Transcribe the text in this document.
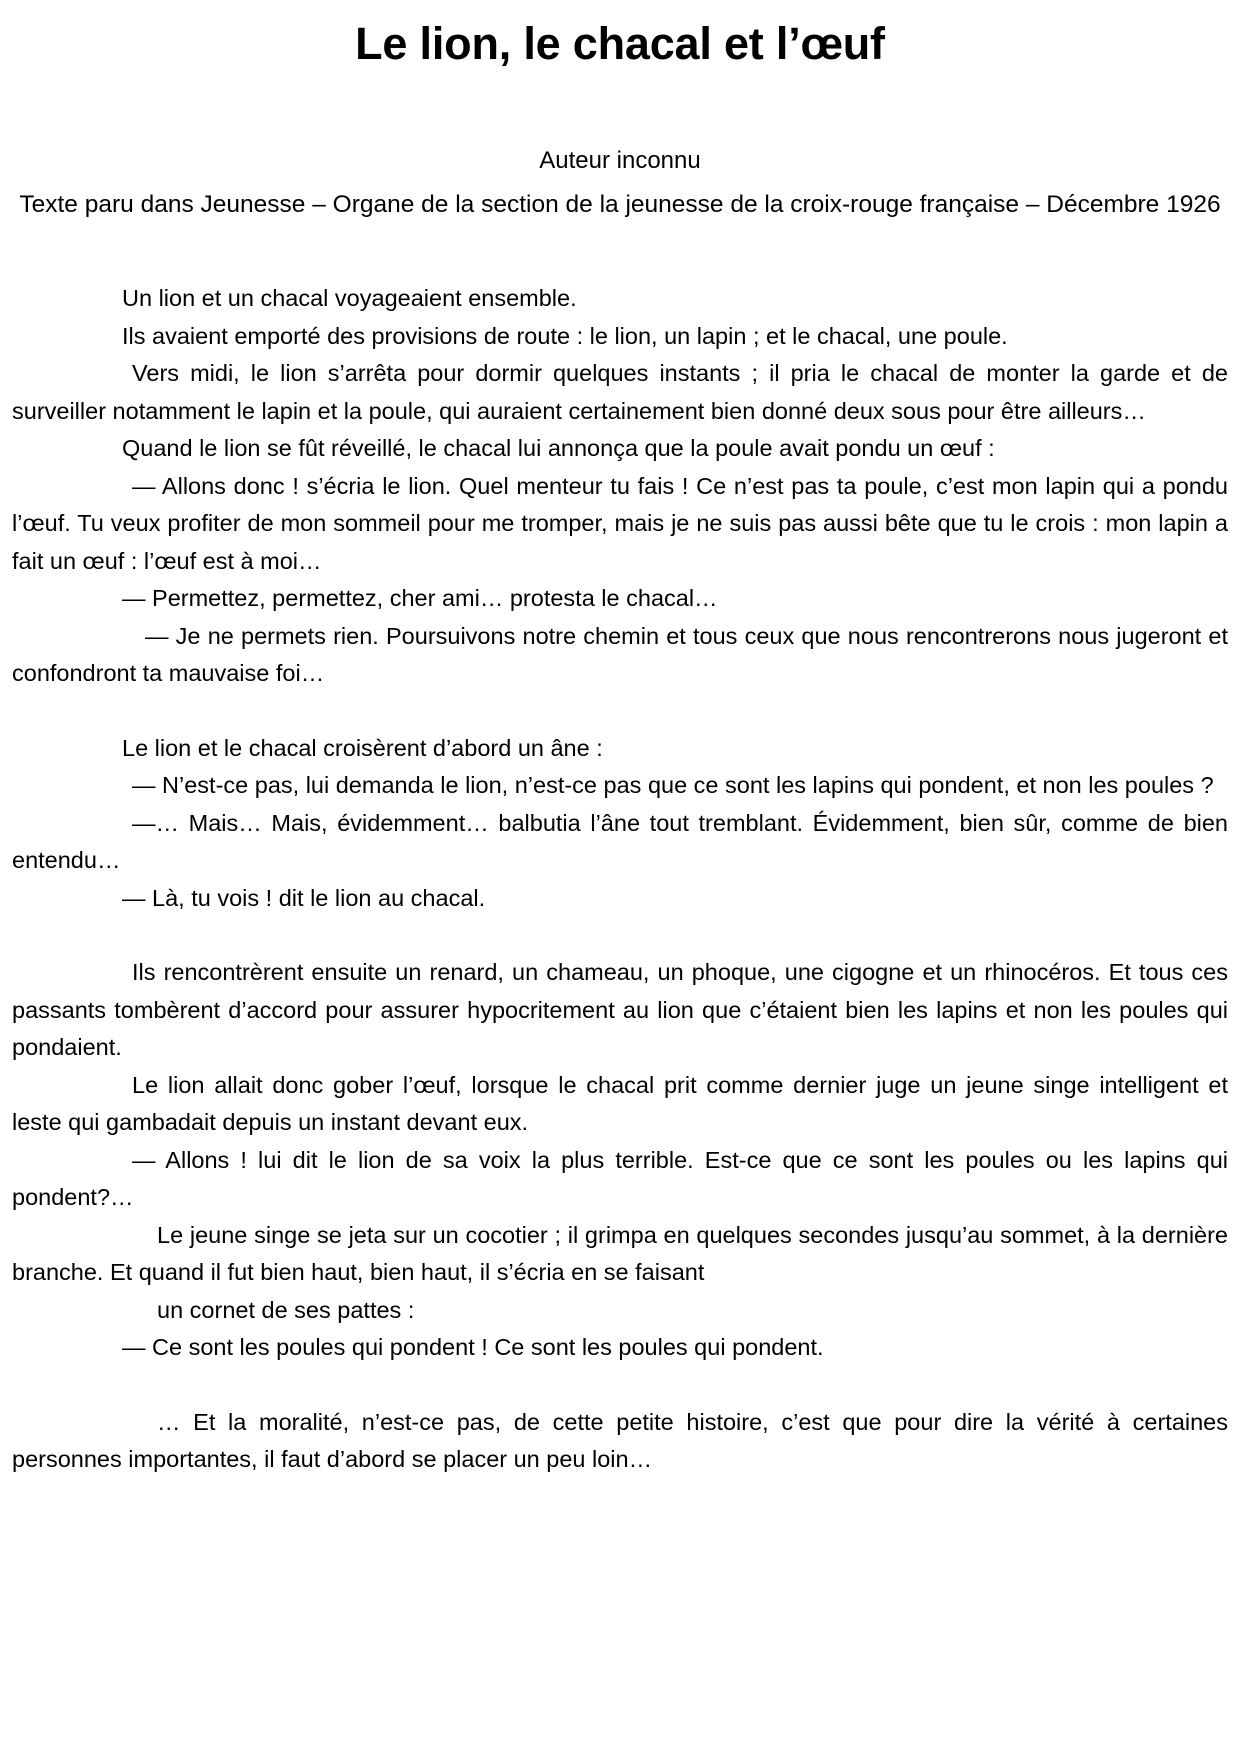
Le lion, le chacal et l’œuf

Auteur inconnu

Texte paru dans Jeunesse – Organe de la section de la jeunesse de la croix-rouge française – Décembre 1926

Un lion et un chacal voyageaient ensemble.

Ils avaient emporté des provisions de route : le lion, un lapin ; et le chacal, une poule.

Vers midi, le lion s’arrêta pour dormir quelques instants ; il pria le chacal de monter la garde et de surveiller notamment le lapin et la poule, qui auraient certainement bien donné deux sous pour être ailleurs…

Quand le lion se fût réveillé, le chacal lui annonça que la poule avait pondu un œuf :

— Allons donc ! s’écria le lion. Quel menteur tu fais ! Ce n’est pas ta poule, c’est mon lapin qui a pondu l’œuf. Tu veux profiter de mon sommeil pour me tromper, mais je ne suis pas aussi bête que tu le crois : mon lapin a fait un œuf : l’œuf est à moi…

— Permettez, permettez, cher ami… protesta le chacal…

— Je ne permets rien. Poursuivons notre chemin et tous ceux que nous rencontrerons nous jugeront et confondront ta mauvaise foi…

Le lion et le chacal croisèrent d’abord un âne :

— N’est-ce pas, lui demanda le lion, n’est-ce pas que ce sont les lapins qui pondent, et non les poules ?

—… Mais… Mais, évidemment… balbutia l’âne tout tremblant. Évidemment, bien sûr, comme de bien entendu…

— Là, tu vois ! dit le lion au chacal.

Ils rencontrèrent ensuite un renard, un chameau, un phoque, une cigogne et un rhinocéros. Et tous ces passants tombèrent d’accord pour assurer hypocritement au lion que c’étaient bien les lapins et non les poules qui pondaient.

Le lion allait donc gober l’œuf, lorsque le chacal prit comme dernier juge un jeune singe intelligent et leste qui gambadait depuis un instant devant eux.

— Allons ! lui dit le lion de sa voix la plus terrible. Est-ce que ce sont les poules ou les lapins qui pondent?…

Le jeune singe se jeta sur un cocotier ; il grimpa en quelques secondes jusqu’au sommet, à la dernière branche. Et quand il fut bien haut, bien haut, il s’écria en se faisant

un cornet de ses pattes :

— Ce sont les poules qui pondent ! Ce sont les poules qui pondent.

… Et la moralité, n’est-ce pas, de cette petite histoire, c’est que pour dire la vérité à certaines personnes importantes, il faut d’abord se placer un peu loin…
